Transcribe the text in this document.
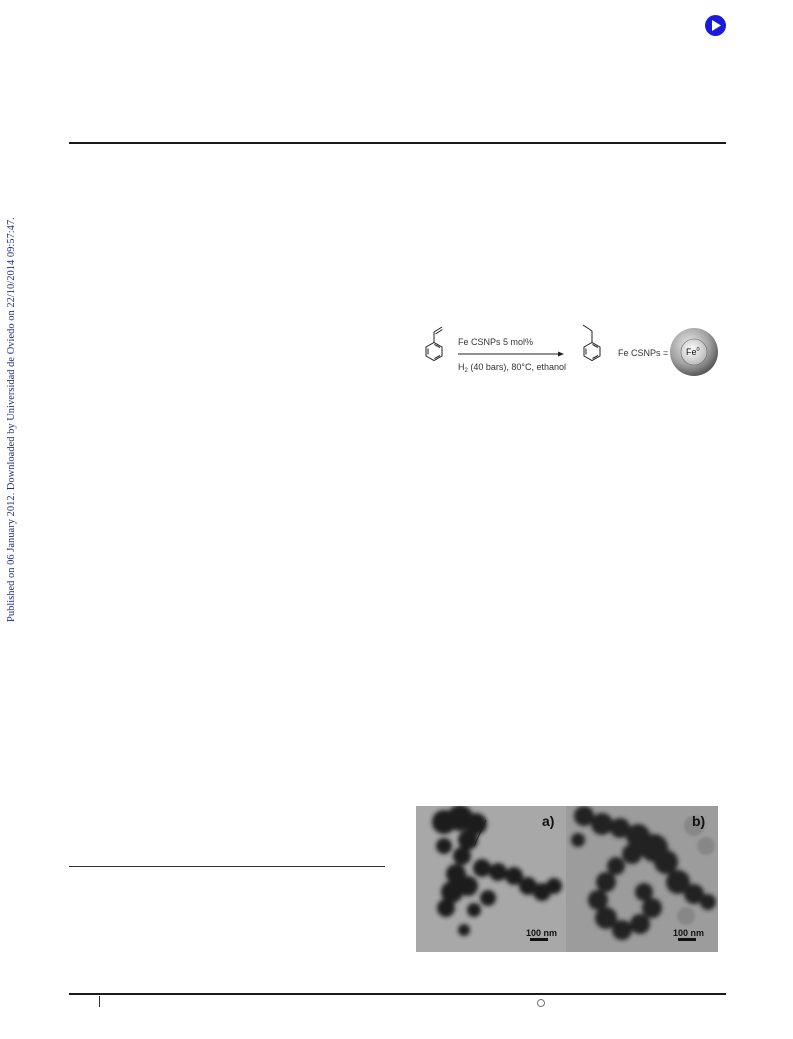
Published on 06 January 2012. Downloaded by Universidad de Oviedo on 22/10/2014 09:57:47.	Fe CSNPs 5 mol%
$H_2$ (40 bars), 80°C, ethanol
Fe CSNPs = $Fe^0$
a)
100 nm
b)
100 nm
